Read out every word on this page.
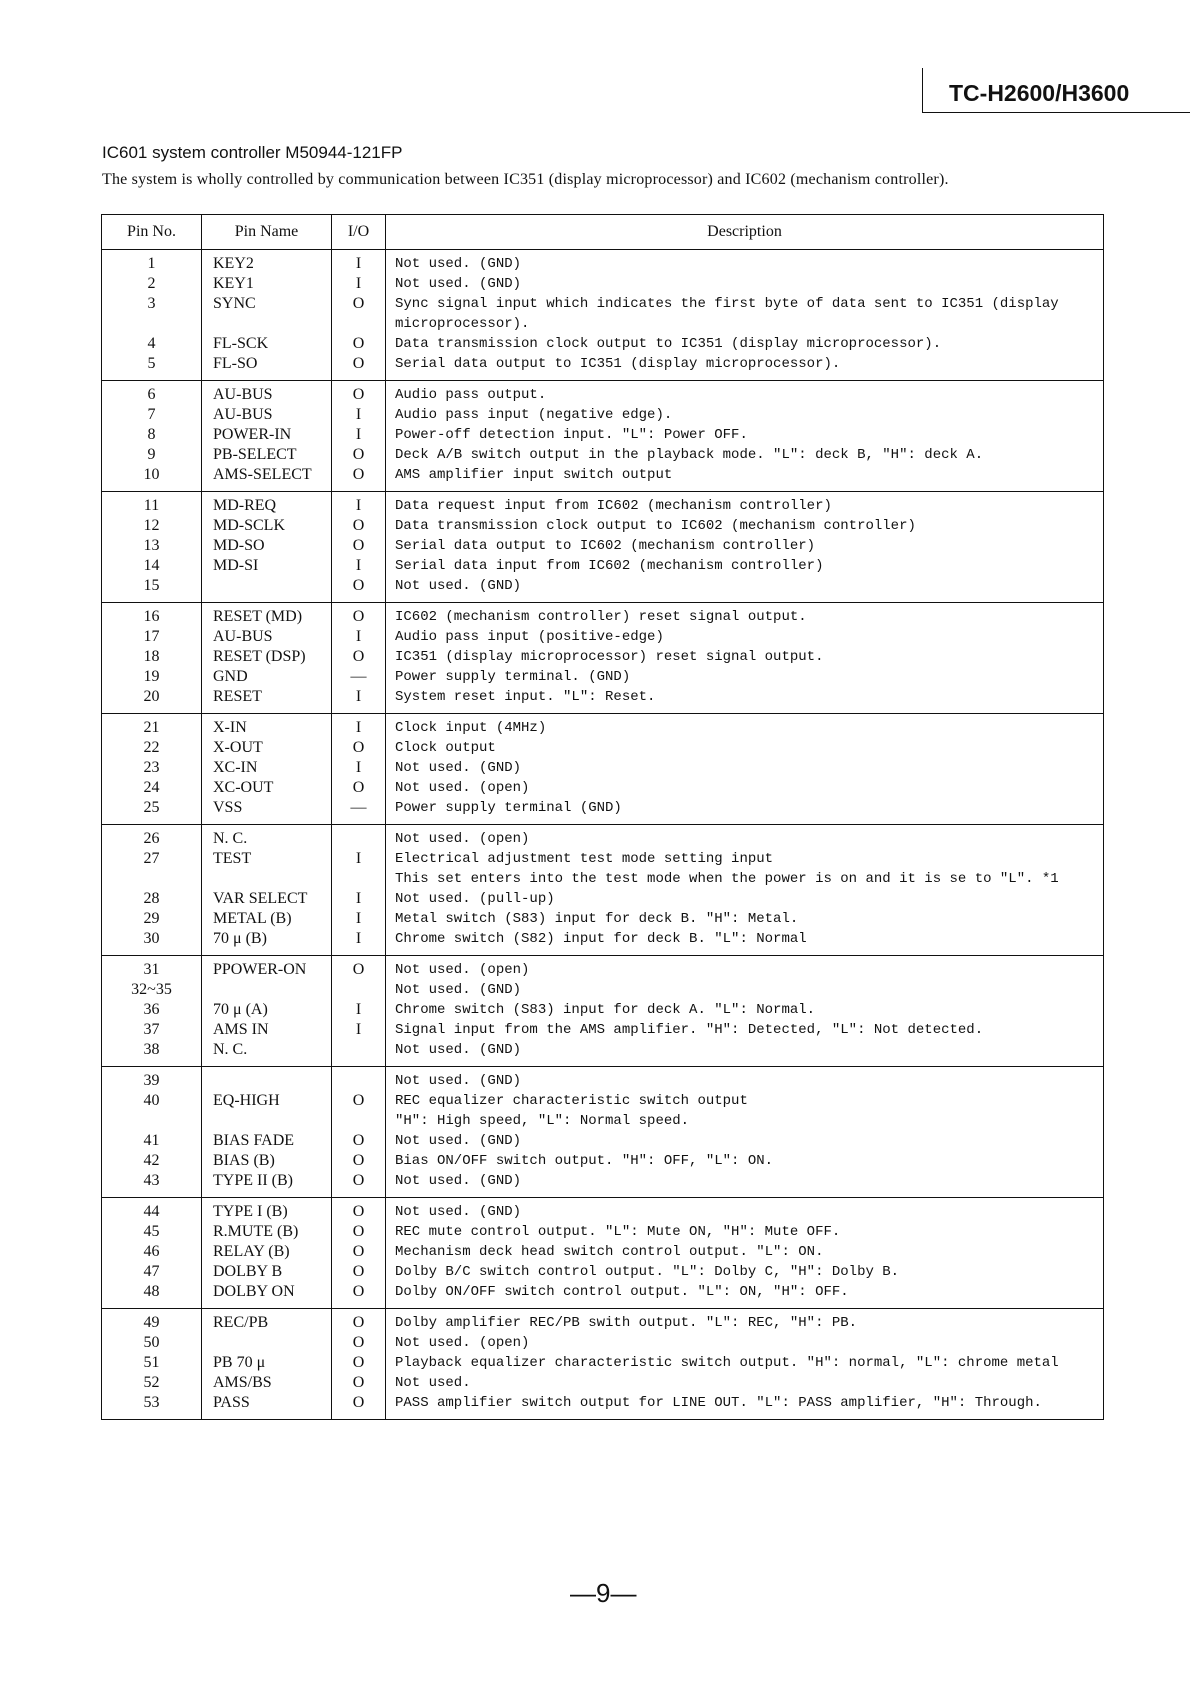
TC-H2600/H3600
IC601 system controller M50944-121FP
The system is wholly controlled by communication between IC351 (display microprocessor) and IC602 (mechanism controller).
Pin No.	Pin Name	I/O	Description

1	KEY2	I	Not used. (GND)

2	KEY1	I	Not used. (GND)

3	SYNC	O	Sync signal input which indicates the first byte of data sent to IC351 (display
microprocessor).

4	FL-SCK	O	Data transmission clock output to IC351 (display microprocessor).

5	FL-SO	O	Serial data output to IC351 (display microprocessor).

6	AU-BUS	O	Audio pass output.

7	AU-BUS	I	Audio pass input (negative edge).

8	POWER-IN	I	Power-off detection input. "L": Power OFF.

9	PB-SELECT	O	Deck A/B switch output in the playback mode. "L": deck B, "H": deck A.

10	AMS-SELECT	O	AMS amplifier input switch output

11	MD-REQ	I	Data request input from IC602 (mechanism controller)

12	MD-SCLK	O	Data transmission clock output to IC602 (mechanism controller)

13	MD-SO	O	Serial data output to IC602 (mechanism controller)

14	MD-SI	I	Serial data input from IC602 (mechanism controller)

15		O	Not used. (GND)

16	RESET (MD)	O	IC602 (mechanism controller) reset signal output.

17	AU-BUS	I	Audio pass input (positive-edge)

18	RESET (DSP)	O	IC351 (display microprocessor) reset signal output.

19	GND	—	Power supply terminal. (GND)

20	RESET	I	System reset input. "L": Reset.

21	X-IN	I	Clock input (4MHz)

22	X-OUT	O	Clock output

23	XC-IN	I	Not used. (GND)

24	XC-OUT	O	Not used. (open)

25	VSS	—	Power supply terminal (GND)

26	N. C.		Not used. (open)

27	TEST	I	Electrical adjustment test mode setting input
This set enters into the test mode when the power is on and it is se to "L". *1

28	VAR SELECT	I	Not used. (pull-up)

29	METAL (B)	I	Metal switch (S83) input for deck B. "H": Metal.

30	70 μ (B)	I	Chrome switch (S82) input for deck B. "L": Normal

31	PPOWER-ON	O	Not used. (open)

32~35			Not used. (GND)

36	70 μ (A)	I	Chrome switch (S83) input for deck A. "L": Normal.

37	AMS IN	I	Signal input from the AMS amplifier. "H": Detected, "L": Not detected.

38	N. C.		Not used. (GND)

39			Not used. (GND)

40	EQ-HIGH	O	REC equalizer characteristic switch output
"H": High speed, "L": Normal speed.

41	BIAS FADE	O	Not used. (GND)

42	BIAS (B)	O	Bias ON/OFF switch output. "H": OFF, "L": ON.

43	TYPE II (B)	O	Not used. (GND)

44	TYPE I (B)	O	Not used. (GND)

45	R.MUTE (B)	O	REC mute control output. "L": Mute ON, "H": Mute OFF.

46	RELAY (B)	O	Mechanism deck head switch control output. "L": ON.

47	DOLBY B	O	Dolby B/C switch control output. "L": Dolby C, "H": Dolby B.

48	DOLBY ON	O	Dolby ON/OFF switch control output. "L": ON, "H": OFF.

49	REC/PB	O	Dolby amplifier REC/PB swith output. "L": REC, "H": PB.

50		O	Not used. (open)

51	PB 70 μ	O	Playback equalizer characteristic switch output. "H": normal, "L": chrome metal

52	AMS/BS	O	Not used.

53	PASS	O	PASS amplifier switch output for LINE OUT. "L": PASS amplifier, "H": Through.
—9—
